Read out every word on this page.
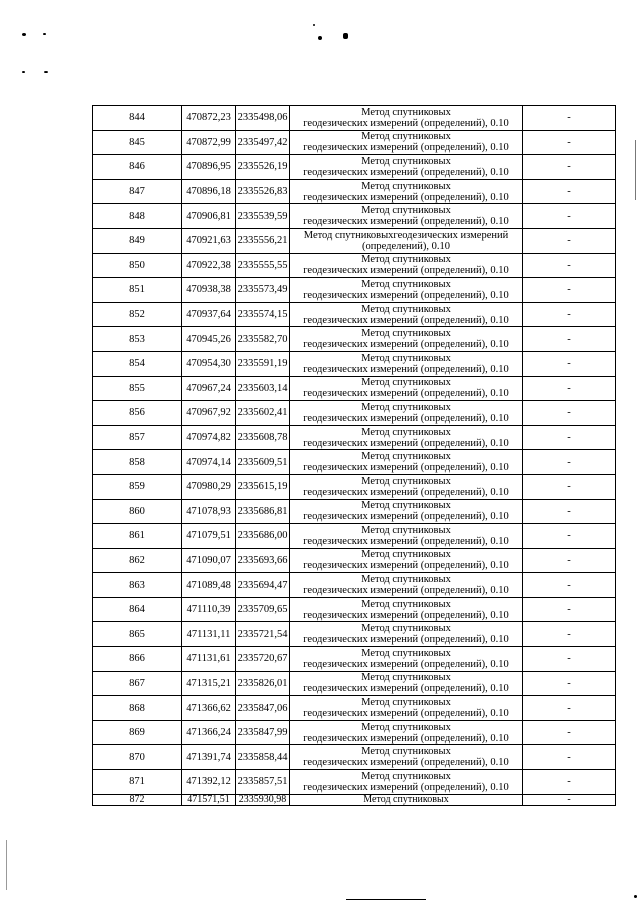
844	470872,23	2335498,06	Метод спутниковых
геодезических измерений (определений), 0.10	-
845	470872,99	2335497,42	Метод спутниковых
геодезических измерений (определений), 0.10	-
846	470896,95	2335526,19	Метод спутниковых
геодезических измерений (определений), 0.10	-
847	470896,18	2335526,83	Метод спутниковых
геодезических измерений (определений), 0.10	-
848	470906,81	2335539,59	Метод спутниковых
геодезических измерений (определений), 0.10	-
849	470921,63	2335556,21	Метод спутниковыхгеодезических измерений
(определений), 0.10	-
850	470922,38	2335555,55	Метод спутниковых
геодезических измерений (определений), 0.10	-
851	470938,38	2335573,49	Метод спутниковых
геодезических измерений (определений), 0.10	-
852	470937,64	2335574,15	Метод спутниковых
геодезических измерений (определений), 0.10	-
853	470945,26	2335582,70	Метод спутниковых
геодезических измерений (определений), 0.10	-
854	470954,30	2335591,19	Метод спутниковых
геодезических измерений (определений), 0.10	-
855	470967,24	2335603,14	Метод спутниковых
геодезических измерений (определений), 0.10	-
856	470967,92	2335602,41	Метод спутниковых
геодезических измерений (определений), 0.10	-
857	470974,82	2335608,78	Метод спутниковых
геодезических измерений (определений), 0.10	-
858	470974,14	2335609,51	Метод спутниковых
геодезических измерений (определений), 0.10	-
859	470980,29	2335615,19	Метод спутниковых
геодезических измерений (определений), 0.10	-
860	471078,93	2335686,81	Метод спутниковых
геодезических измерений (определений), 0.10	-
861	471079,51	2335686,00	Метод спутниковых
геодезических измерений (определений), 0.10	-
862	471090,07	2335693,66	Метод спутниковых
геодезических измерений (определений), 0.10	-
863	471089,48	2335694,47	Метод спутниковых
геодезических измерений (определений), 0.10	-
864	471110,39	2335709,65	Метод спутниковых
геодезических измерений (определений), 0.10	-
865	471131,11	2335721,54	Метод спутниковых
геодезических измерений (определений), 0.10	-
866	471131,61	2335720,67	Метод спутниковых
геодезических измерений (определений), 0.10	-
867	471315,21	2335826,01	Метод спутниковых
геодезических измерений (определений), 0.10	-
868	471366,62	2335847,06	Метод спутниковых
геодезических измерений (определений), 0.10	-
869	471366,24	2335847,99	Метод спутниковых
геодезических измерений (определений), 0.10	-
870	471391,74	2335858,44	Метод спутниковых
геодезических измерений (определений), 0.10	-
871	471392,12	2335857,51	Метод спутниковых
геодезических измерений (определений), 0.10	-
872	471571,51	2335930,98	Метод спутниковых	-
